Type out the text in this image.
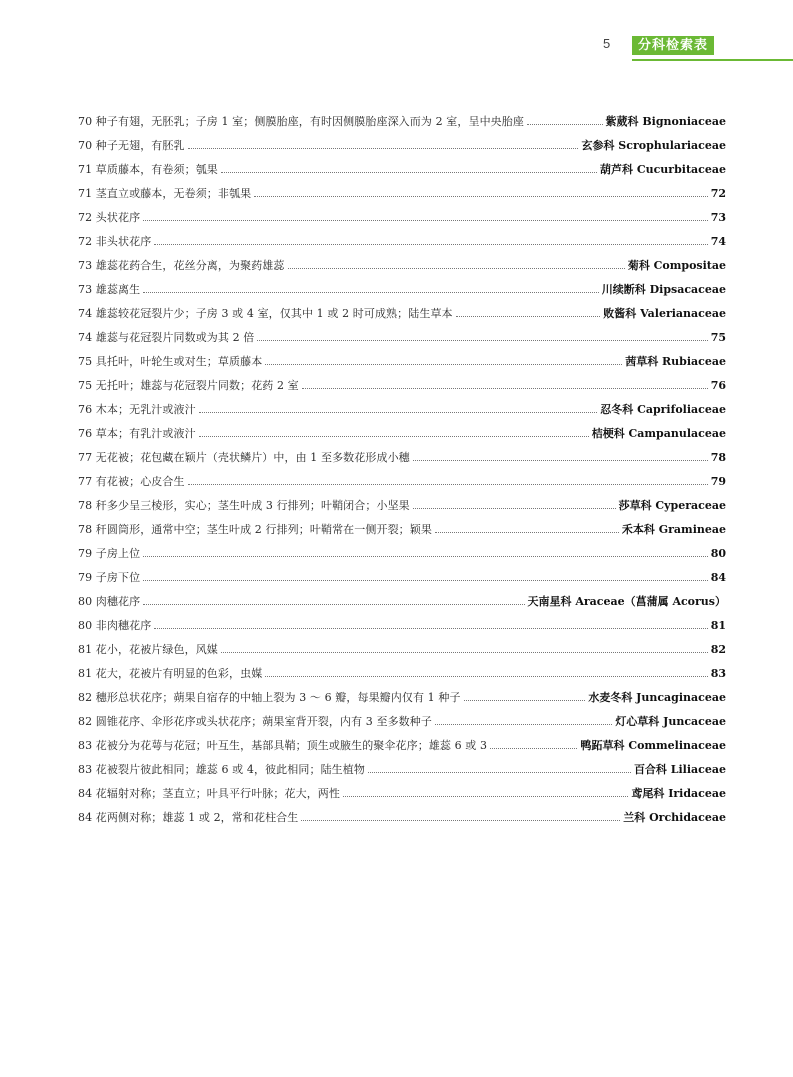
5	分科检索表
70 种子有翅，无胚乳；子房 1 室；侧膜胎座，有时因侧膜胎座深入而为 2 室，呈中央胎座	紫葳科 Bignoniaceae
70 种子无翅，有胚乳	玄参科 Scrophulariaceae
71 草质藤本，有卷须；瓠果	葫芦科 Cucurbitaceae
71 茎直立或藤本，无卷须；非瓠果	72
72 头状花序	73
72 非头状花序	74
73 雄蕊花药合生，花丝分离，为聚药雄蕊	菊科 Compositae
73 雄蕊离生	川续断科 Dipsacaceae
74 雄蕊较花冠裂片少；子房 3 或 4 室，仅其中 1 或 2 时可成熟；陆生草本	败酱科 Valerianaceae
74 雄蕊与花冠裂片同数或为其 2 倍	75
75 具托叶，叶轮生或对生；草质藤本	茜草科 Rubiaceae
75 无托叶；雄蕊与花冠裂片同数；花药 2 室	76
76 木本；无乳汁或液汁	忍冬科 Caprifoliaceae
76 草本；有乳汁或液汁	桔梗科 Campanulaceae
77 无花被；花包藏在颖片（壳状鳞片）中，由 1 至多数花形成小穗	78
77 有花被；心皮合生	79
78 秆多少呈三棱形，实心；茎生叶成 3 行排列；叶鞘闭合；小坚果	莎草科 Cyperaceae
78 秆圆筒形，通常中空；茎生叶成 2 行排列；叶鞘常在一侧开裂；颖果	禾本科 Gramineae
79 子房上位	80
79 子房下位	84
80 肉穗花序	天南星科 Araceae（菖蒲属 Acorus）
80 非肉穗花序	81
81 花小，花被片绿色，风媒	82
81 花大，花被片有明显的色彩，虫媒	83
82 穗形总状花序；蒴果自宿存的中轴上裂为 3 ～ 6 瓣，每果瓣内仅有 1 种子	水麦冬科 Juncaginaceae
82 圆锥花序、伞形花序或头状花序；蒴果室背开裂，内有 3 至多数种子	灯心草科 Juncaceae
83 花被分为花萼与花冠；叶互生，基部具鞘；顶生或腋生的聚伞花序；雄蕊 6 或 3	鸭跖草科 Commelinaceae
83 花被裂片彼此相同；雄蕊 6 或 4，彼此相同；陆生植物	百合科 Liliaceae
84 花辐射对称；茎直立；叶具平行叶脉；花大，两性	鸢尾科 Iridaceae
84 花两侧对称；雄蕊 1 或 2，常和花柱合生	兰科 Orchidaceae
